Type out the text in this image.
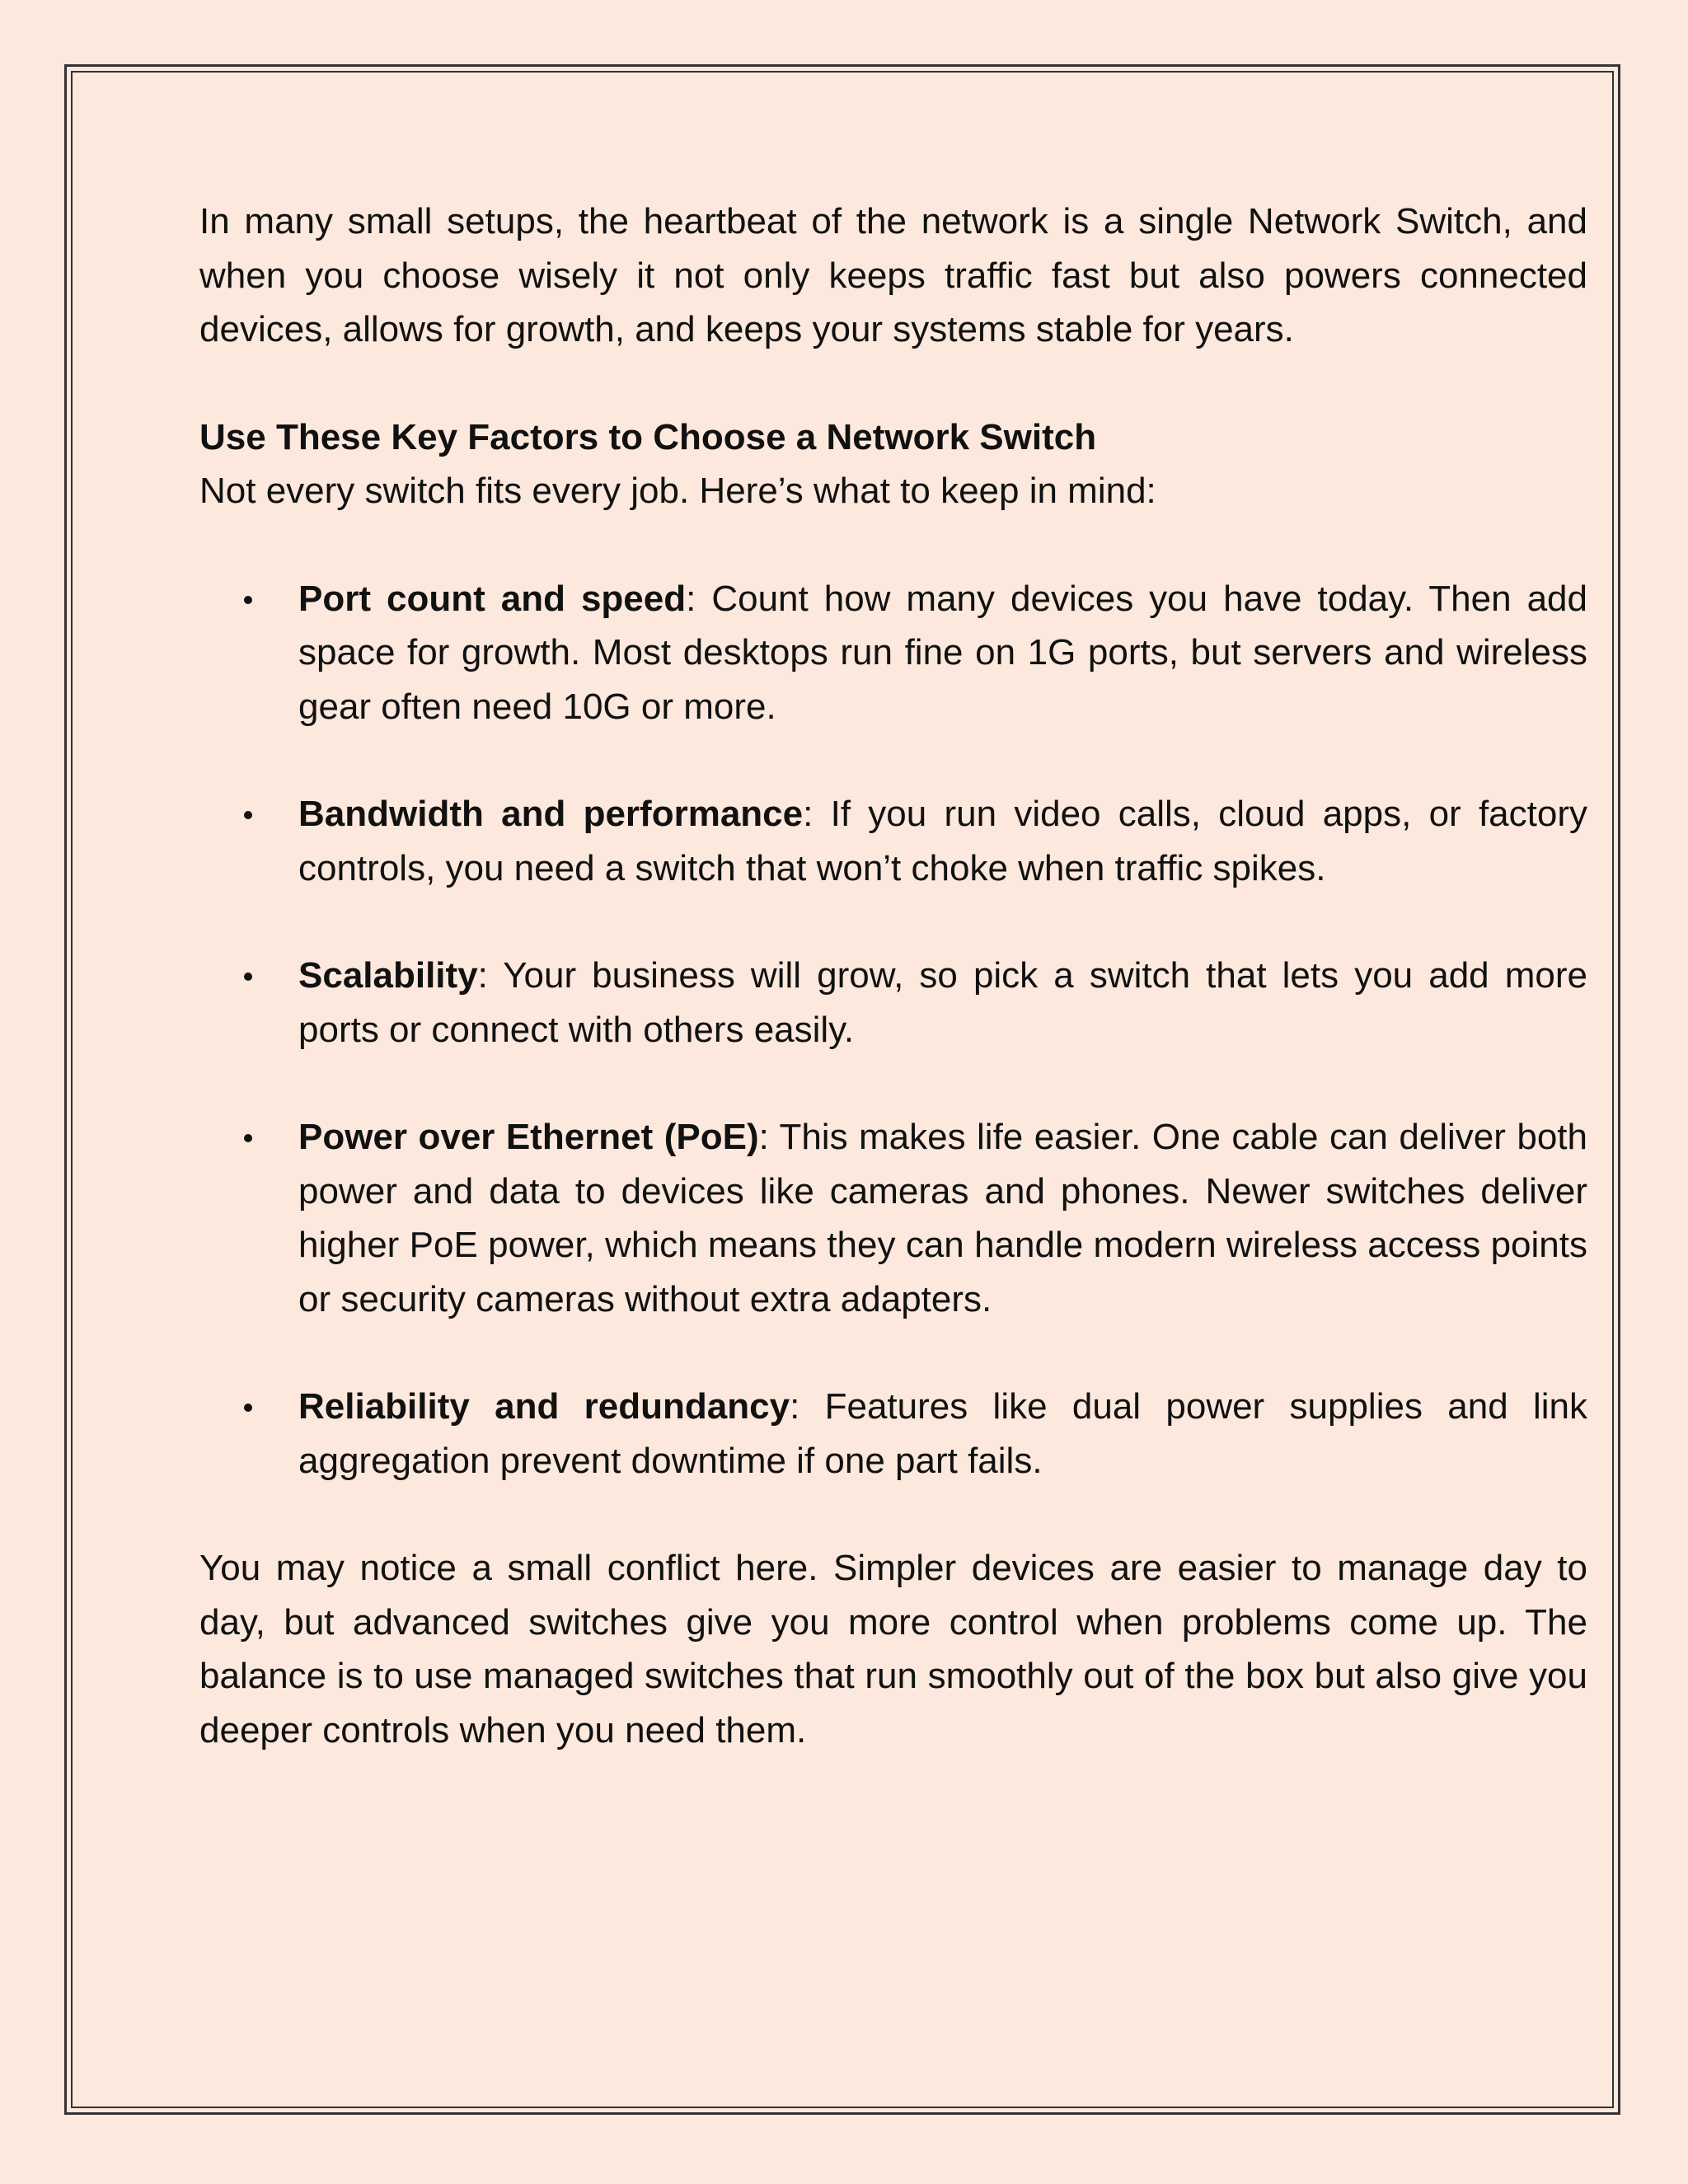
In many small setups, the heartbeat of the network is a single Network Switch, and when you choose wisely it not only keeps traffic fast but also powers connected devices, allows for growth, and keeps your systems stable for years.

Use These Key Factors to Choose a Network Switch

Not every switch fits every job. Here’s what to keep in mind:

Port count and speed: Count how many devices you have today. Then add space for growth. Most desktops run fine on 1G ports, but servers and wireless gear often need 10G or more.
Bandwidth and performance: If you run video calls, cloud apps, or factory controls, you need a switch that won’t choke when traffic spikes.
Scalability: Your business will grow, so pick a switch that lets you add more ports or connect with others easily.
Power over Ethernet (PoE): This makes life easier. One cable can deliver both power and data to devices like cameras and phones. Newer switches deliver higher PoE power, which means they can handle modern wireless access points or security cameras without extra adapters.
Reliability and redundancy: Features like dual power supplies and link aggregation prevent downtime if one part fails.

You may notice a small conflict here. Simpler devices are easier to manage day to day, but advanced switches give you more control when problems come up. The balance is to use managed switches that run smoothly out of the box but also give you deeper controls when you need them.
